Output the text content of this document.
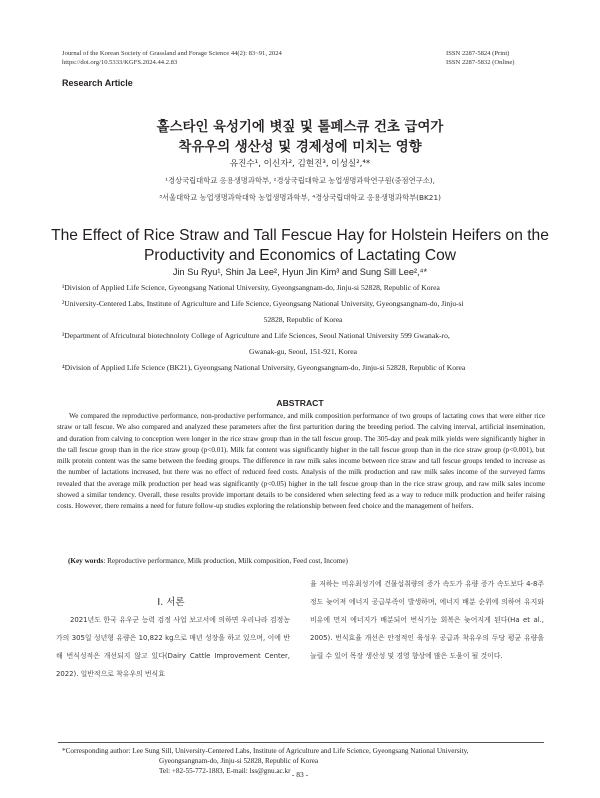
Journal of the Korean Society of Grassland and Forage Science 44(2): 83~91, 2024
https://doi.org/10.5333/KGFS.2024.44.2.83
ISSN 2287-5824 (Print)
ISSN 2287-5832 (Online)
Research Article
홀스타인 육성기에 볏짚 및 톨페스큐 건초 급여가
착유우의 생산성 및 경제성에 미치는 영향
유진수¹, 이신자², 김현진³, 이성실²,⁴*
¹경상국립대학교 응용생명과학부, ²경상국립대학교 농업생명과학연구원(중점연구소),
³서울대학교 농업생명과학대학 농업생명과학부, ⁴경상국립대학교 응용생명과학부(BK21)
The Effect of Rice Straw and Tall Fescue Hay for Holstein Heifers on the
Productivity and Economics of Lactating Cow
Jin Su Ryu¹, Shin Ja Lee², Hyun Jin Kim³ and Sung Sill Lee²,⁴*
¹Division of Applied Life Science, Gyeongsang National University, Gyeongsangnam-do, Jinju-si 52828, Republic of Korea
²University-Centered Labs, Institute of Agriculture and Life Science, Gyeongsang National University, Gyeongsangnam-do, Jinju-si
52828, Republic of Korea
³Department of Africultural biotechnoloty College of Agriculture and Life Sciences, Seoul National University 599 Gwanak-ro,
Gwanak-gu, Seoul, 151-921, Korea
⁴Division of Applied Life Science (BK21), Gyeongsang National University, Gyeongsangnam-do, Jinju-si 52828, Republic of Korea
ABSTRACT

We compared the reproductive performance, non-productive performance, and milk composition performance of two groups of lactating cows that were either rice straw or tall fescue. We also compared and analyzed these parameters after the first parturition during the breeding period. The calving interval, artificial insemination, and duration from calving to conception were longer in the rice straw group than in the tall fescue group. The 305-day and peak milk yields were significantly higher in the tall fescue group than in the rice straw group (p<0.01). Milk fat content was significantly higher in the tall fescue group than in the rice straw group (p<0.001), but milk protein content was the same between the feeding groups. The difference in raw milk sales income between rice straw and tall fescue groups tended to increase as the number of lactations increased, but there was no effect of reduced feed costs. Analysis of the milk production and raw milk sales income of the surveyed farms revealed that the average milk production per head was significantly (p<0.05) higher in the tall fescue group than in the rice straw group, and raw milk sales income showed a similar tendency. Overall, these results provide important details to be considered when selecting feed as a way to reduce milk production and heifer raising costs. However, there remains a need for future follow-up studies exploring the relationship between feed choice and the management of heifers.

(Key words: Reproductive performance, Milk production, Milk composition, Feed cost, Income)
Ⅰ. 서론

2021년도 한국 유우군 능력 검정 사업 보고서에 의하면 우리나라 검정농가의 305일 성년형 유량은 10,822 kg으로 매년 성장을 하고 있으며, 이에 반해 번식성적은 개선되지 않고 있다(Dairy Cattle Improvement Center, 2022). 일반적으로 착유우의 번식효

율 저하는 비유최성기에 건물섭취량의 증가 속도가 유량 증가 속도보다 4-8주 정도 늦어져 에너지 공급부족이 발생하며, 에너지 배분 순위에 의하여 유지와 비유에 먼저 에너지가 배분되어 번식기능 회복은 늦어지게 된다(Ha et al., 2005). 번식효율 개선은 안정적인 육성우 공급과 착유우의 두당 평균 유량을 늘릴 수 있어 목장 생산성 및 경영 향상에 많은 도움이 될 것이다.

*Corresponding author: Lee Sung Sill, University-Centered Labs, Institute of Agriculture and Life Science, Gyeongsang National University,
Gyeongsangnam-do, Jinju-si 52828, Republic of Korea
Tel: +82-55-772-1883, E-mail: lss@gnu.ac.kr - 83 -
